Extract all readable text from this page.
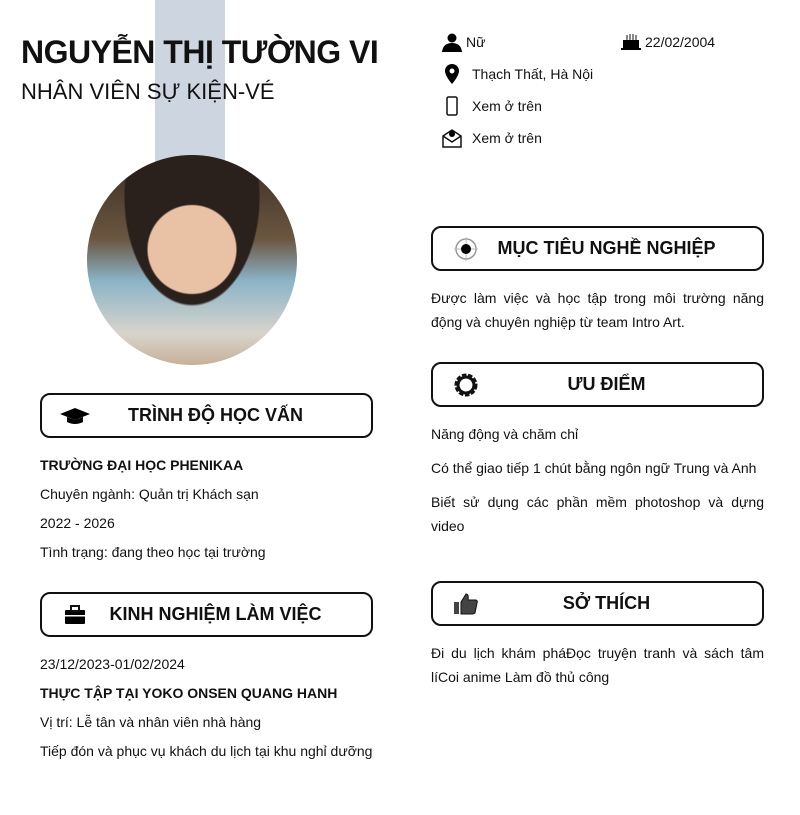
NGUYỄN THỊ TƯỜNG VI
NHÂN VIÊN SỰ KIỆN-VÉ
Nữ	22/02/2004
Thạch Thất, Hà Nội
Xem ở trên
Xem ở trên
TRÌNH ĐỘ HỌC VẤN
TRƯỜNG ĐẠI HỌC PHENIKAA
Chuyên ngành: Quản trị Khách sạn
2022 - 2026
Tình trạng: đang theo học tại trường
KINH NGHIỆM LÀM VIỆC
23/12/2023-01/02/2024
THỰC TẬP TẠI YOKO ONSEN QUANG HANH
Vị trí: Lễ tân và nhân viên nhà hàng
Tiếp đón và phục vụ khách du lịch tại khu nghỉ dưỡng
MỤC TIÊU NGHỀ NGHIỆP
Được làm việc và học tập trong môi trường năng động và chuyên nghiệp từ team Intro Art.
ƯU ĐIỂM
Năng động và chăm chỉ
Có thể giao tiếp 1 chút bằng ngôn ngữ Trung và Anh
Biết sử dụng các phần mềm photoshop và dựng video
SỞ THÍCH
Đi du lịch khám pháĐọc truyện tranh và sách tâm líCoi anime Làm đồ thủ công
